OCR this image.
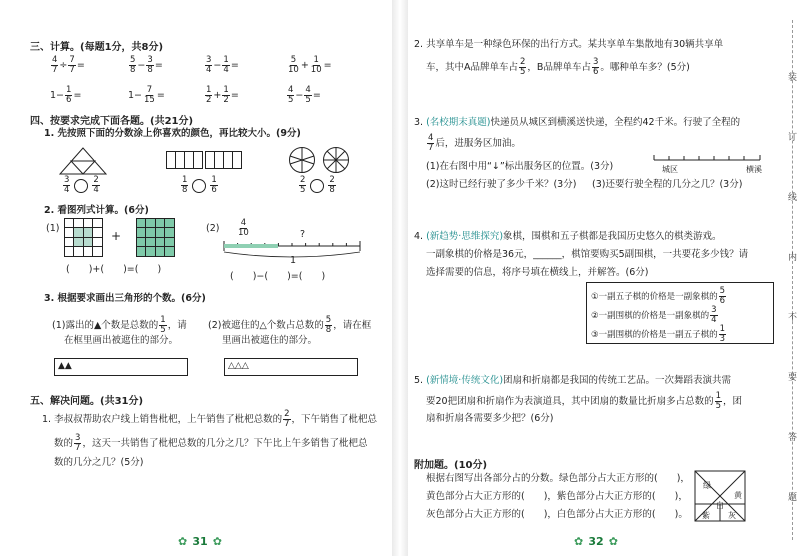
三、计算。(每题1分，共8分)
$\frac{4}{7} \div \frac{7}{7}$ =	$\frac{5}{8} - \frac{3}{8}$ =	$\frac{3}{4} - \frac{1}{4}$ =	$\frac{5}{10} + \frac{1}{10}$ =
$1- \frac{1}{6}$ =	$1- \frac{7}{15}$ =	$\frac{1}{2} + \frac{1}{2}$ =	$\frac{4}{5} - \frac{4}{5}$ =
四、按要求完成下面各题。(共21分)
1. 先按照下面的分数涂上你喜欢的颜色，再比较大小。(9分)
$\frac{3}{4}$	$\frac{2}{4}$	$\frac{1}{8}$	$\frac{1}{6}$	$\frac{2}{5}$	$\frac{2}{8}$
2. 看图列式计算。(6分)
(1)
+
(　　)+(　　)=(　　)
$(2) \frac{4}{10}$	?
1
(　　)−(　　)=(　　)
3. 根据要求画出三角形的个数。(6分)
(1)露出的▲个数是总数的 $\frac{1}{5}$ ，请
在框里画出被遮住的部分。
(2)被遮住的△个数占总数的 $\frac{5}{8}$ ，请在框
里画出被遮住的部分。
▲▲	△△△
五、解决问题。(共31分)
1. 李叔叔帮助农户线上销售枇杷，上午销售了枇杷总数的 $\frac{2}{7}$ ，下午销售了枇杷总
数的 $\frac{3}{7}$ ，这天一共销售了枇杷总数的几分之几？下午比上午多销售了枇杷总
数的几分之几？(5分)
✿ 31 ✿
2. 共享单车是一种绿色环保的出行方式。某共享单车集散地有30辆共享单
车，其中A品牌单车占 $\frac{2}{5}$ ，B品牌单车占 $\frac{3}{6}$ 。哪种单车多？(5分)
3. (名校期末真题)快递员从城区到横溪送快递，全程约42千米。行驶了全程的
$\frac{4}{7}$ 后，进服务区加油。
(1)在右图中用“↓”标出服务区的位置。(3分)
(2)这时已经行驶了多少千米？(3分) (3)还要行驶全程的几分之几？(3分)
城区	横溪
4. (新趋势·思维探究)象棋，围棋和五子棋都是我国历史悠久的棋类游戏。
一副象棋的价格是36元，______，棋馆要购买5副围棋，一共要花多少钱？请
选择需要的信息，将序号填在横线上，并解答。(6分)
①一副五子棋的价格是一副象棋的 $\frac{5}{6}$
②一副围棋的价格是一副象棋的 $\frac{3}{4}$
③一副围棋的价格是一副五子棋的 $\frac{1}{3}$
5. (新情境·传统文化)团扇和折扇都是我国的传统工艺品。一次舞蹈表演共需
要20把团扇和折扇作为表演道具，其中团扇的数量比折扇多占总数的 $\frac{1}{5}$ ，团
扇和折扇各需要多少把？(6分)
附加题。(10分)
根据右图写出各部分占的分数。绿色部分占大正方形的(　　)，
黄色部分占大正方形的(　　)，紫色部分占大正方形的(　　)，
灰色部分占大正方形的(　　)，白色部分占大正方形的(　　)。
绿
黄
白
紫 灰
✿ 32 ✿
装
订
线
内
不
要
答
题
